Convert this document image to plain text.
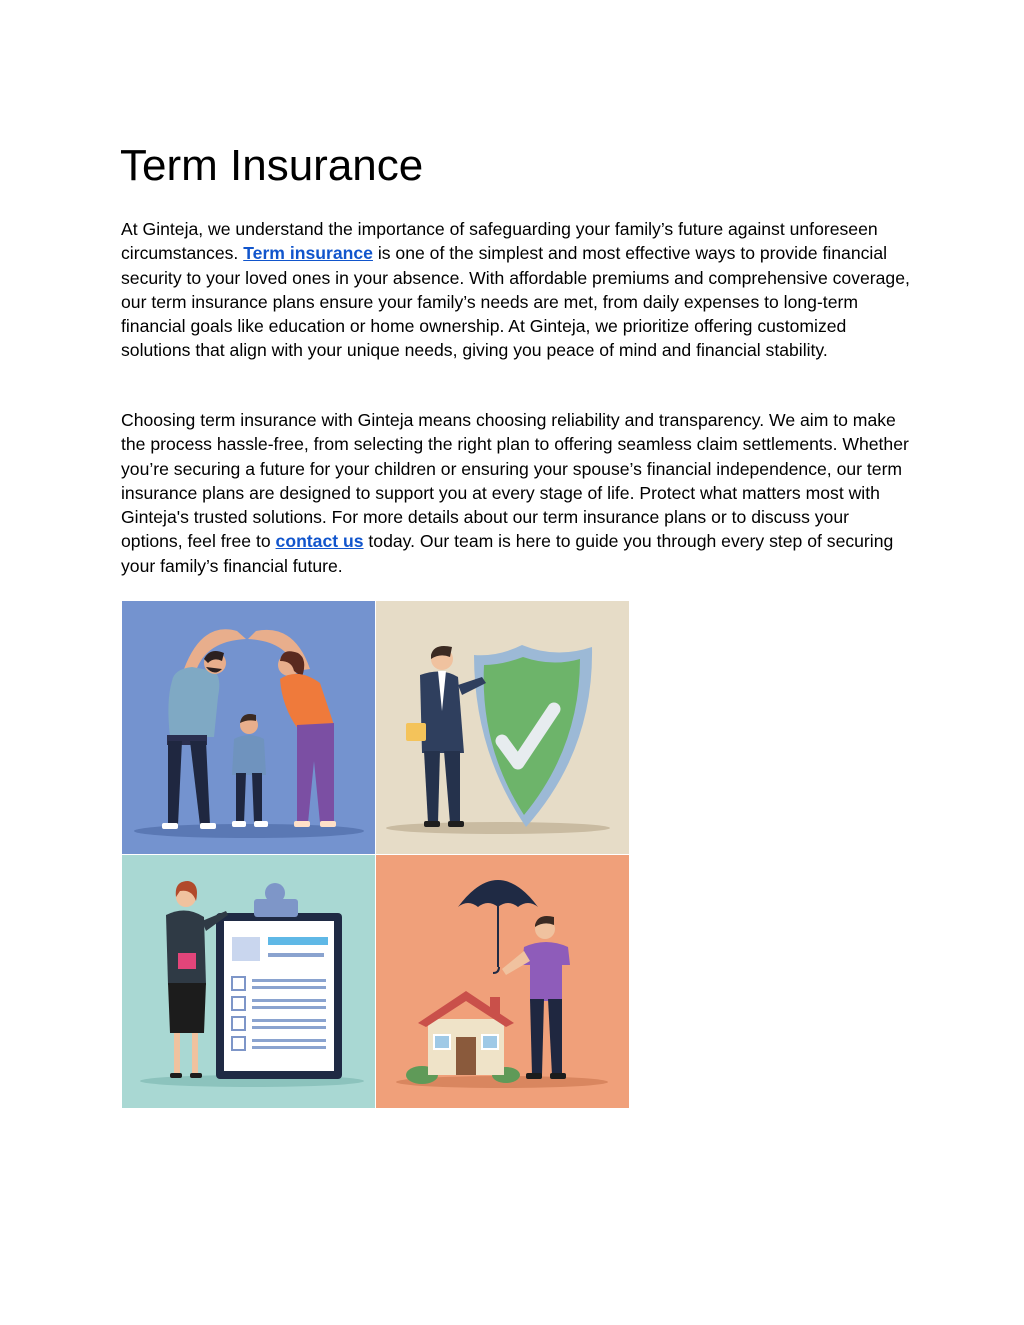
Term Insurance

At Ginteja, we understand the importance of safeguarding your family’s future against unforeseen circumstances. Term insurance is one of the simplest and most effective ways to provide financial security to your loved ones in your absence. With affordable premiums and comprehensive coverage, our term insurance plans ensure your family’s needs are met, from daily expenses to long-term financial goals like education or home ownership. At Ginteja, we prioritize offering customized solutions that align with your unique needs, giving you peace of mind and financial stability.

Choosing term insurance with Ginteja means choosing reliability and transparency. We aim to make the process hassle-free, from selecting the right plan to offering seamless claim settlements. Whether you’re securing a future for your children or ensuring your spouse’s financial independence, our term insurance plans are designed to support you at every stage of life. Protect what matters most with Ginteja's trusted solutions. For more details about our term insurance plans or to discuss your options, feel free to contact us today. Our team is here to guide you through every step of securing your family’s financial future.
